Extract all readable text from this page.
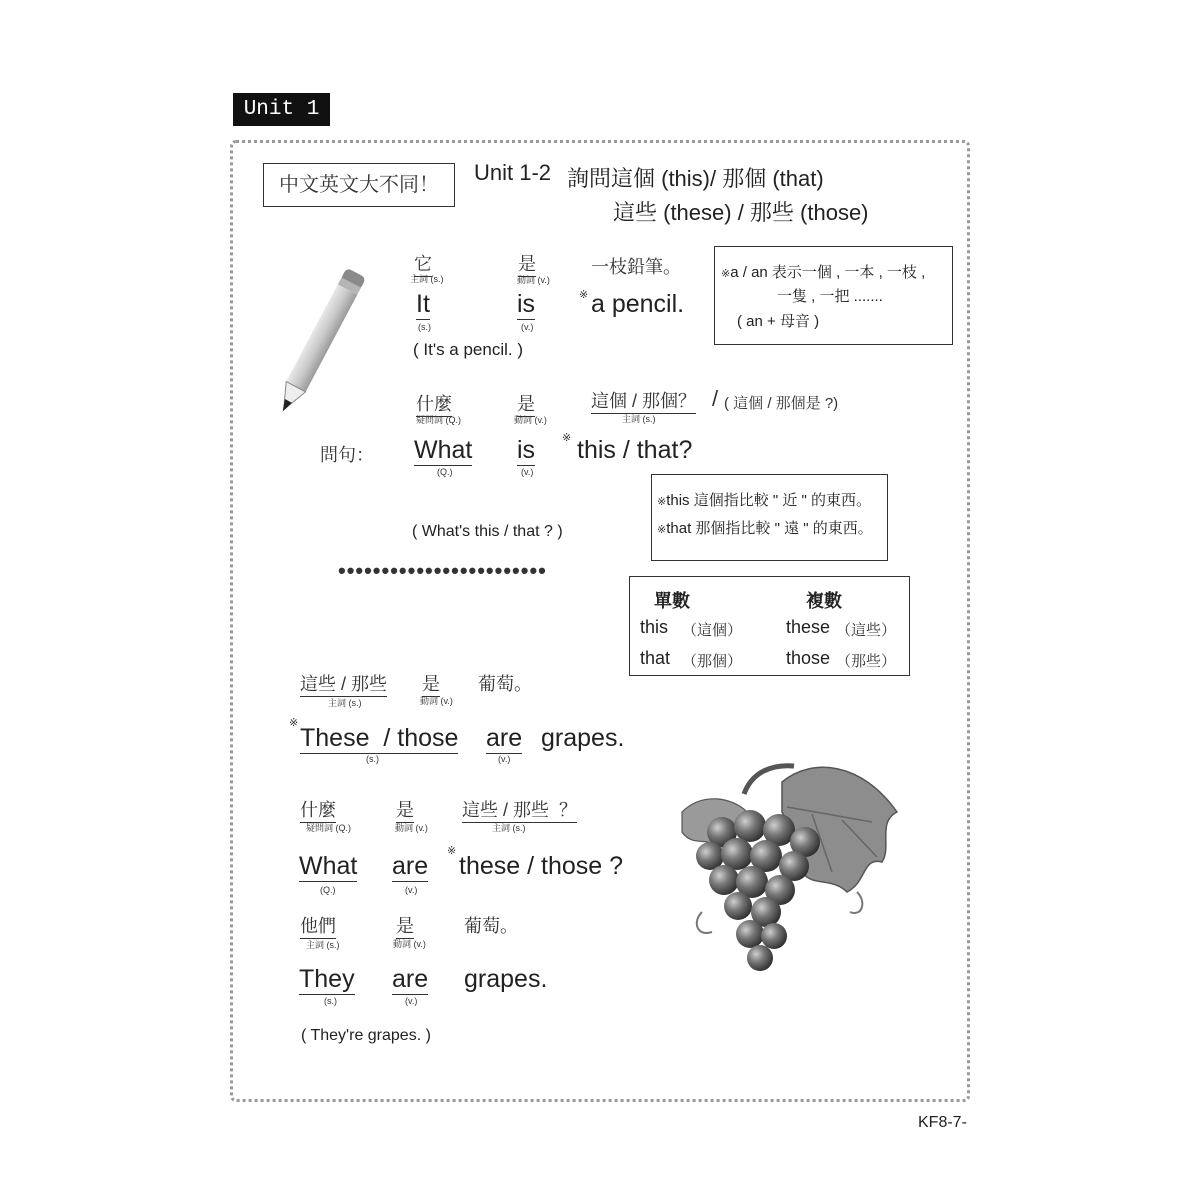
Unit 1
中文英文大不同！	Unit 1-2 詢問這個 (this)/ 那個 (that)
這些 (these) / 那些 (those)
它
主詞 (s.)
是
動詞 (v.)
一枝鉛筆。
It	is	※ a pencil.
(s.)	(v.)
( It's a pencil. )
※a / an 表示一個 , 一本 , 一枝 ,
一隻 , 一把 .......
( an + 母音 )
什麼
疑問詞 (Q.)
是
動詞 (v.)
這個 / 那個？
主詞 (s.)
/ ( 這個 / 那個是 ?)
問句： What is ※ this / that?
(Q.)	(v.)
( What's this / that ? )
※this 這個指比較 " 近 " 的東西。
※that 那個指比較 " 遠 " 的東西。
••••••••••••••••••••••••
單數	複數
this （這個） these （這些）
that （那個） those （那些）
這些 / 那些
主詞 (s.)
是
動詞 (v.)
葡萄。
※
These  / those are grapes.
(s.)	(v.)
什麼
疑問詞 (Q.)
是
動詞 (v.)
這些 / 那些  ？
主詞 (s.)
What are
※
these / those ?
(Q.)	(v.)
他們
主詞 (s.)
是
動詞 (v.)
葡萄。
They are grapes.
(s.)	(v.)
( They're grapes. )
KF8-7-
